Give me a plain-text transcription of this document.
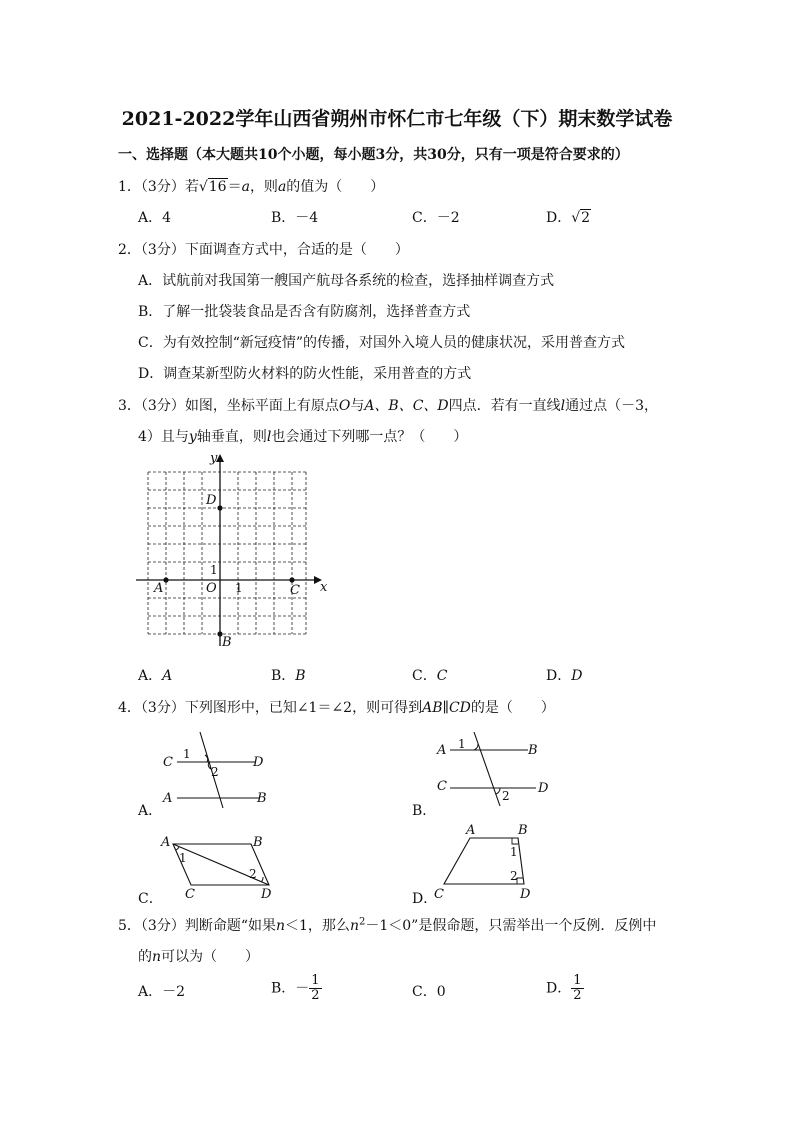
2021-2022学年山西省朔州市怀仁市七年级（下）期末数学试卷
一、选择题（本大题共10个小题，每小题3分，共30分，只有一项是符合要求的）
1．（3分）若√16＝a，则a的值为（　　）
A．4	B．－4	C．－2	D．√2
2．（3分）下面调查方式中，合适的是（　　）
A．试航前对我国第一艘国产航母各系统的检查，选择抽样调查方式
B．了解一批袋装食品是否含有防腐剂，选择普查方式
C．为有效控制“新冠疫情”的传播，对国外入境人员的健康状况，采用普查方式
D．调查某新型防火材料的防火性能，采用普查的方式
3．（3分）如图，坐标平面上有原点O与A、B、C、D四点．若有一直线l通过点（－3，
4）且与y轴垂直，则l也会通过下列哪一点？（　　）
y
x
D
A	O	C
B
1
1
A．A	B．B	C．C	D．D
4．（3分）下列图形中，已知∠1＝∠2，则可得到AB∥CD的是（　　）
A．
C	D
A	B
1
2
B．
A	B
C	D
1
2
C．
A	B
C	D
1
2
D．
A	B
C	D
1
2
5．（3分）判断命题“如果n＜1，那么$n^2-1<0$”是假命题，只需举出一个反例．反例中
的n可以为（　　）
A．－2	B．－ $\frac{1}{2}$	C．0	D． $\frac{1}{2}$
